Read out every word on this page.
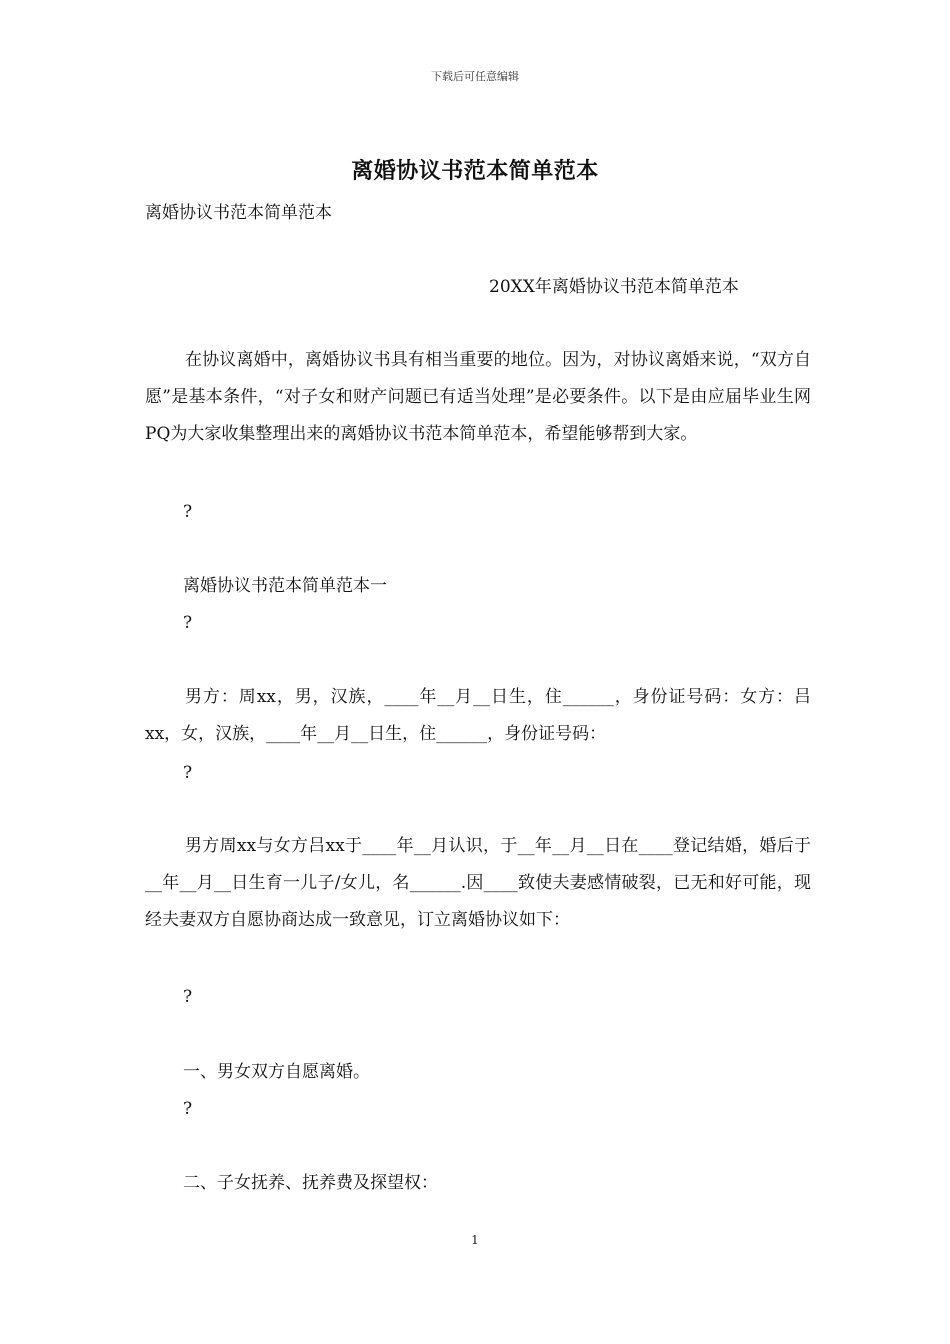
下载后可任意编辑
离婚协议书范本简单范本
离婚协议书范本简单范本
20XX年离婚协议书范本简单范本
在协议离婚中，离婚协议书具有相当重要的地位。因为，对协议离婚来说，“双方自愿”是基本条件，“对子女和财产问题已有适当处理”是必要条件。以下是由应届毕业生网PQ为大家收集整理出来的离婚协议书范本简单范本，希望能够帮到大家。
?
离婚协议书范本简单范本一
?
男方：周xx，男，汉族，____年__月__日生，住______，身份证号码：女方：吕xx，女，汉族，____年__月__日生，住______，身份证号码：
?
男方周xx与女方吕xx于____年__月认识，于__年__月__日在____登记结婚，婚后于__年__月__日生育一儿子/女儿，名______.因____致使夫妻感情破裂，已无和好可能，现经夫妻双方自愿协商达成一致意见，订立离婚协议如下：
?
一、男女双方自愿离婚。
?
二、子女抚养、抚养费及探望权：
1
